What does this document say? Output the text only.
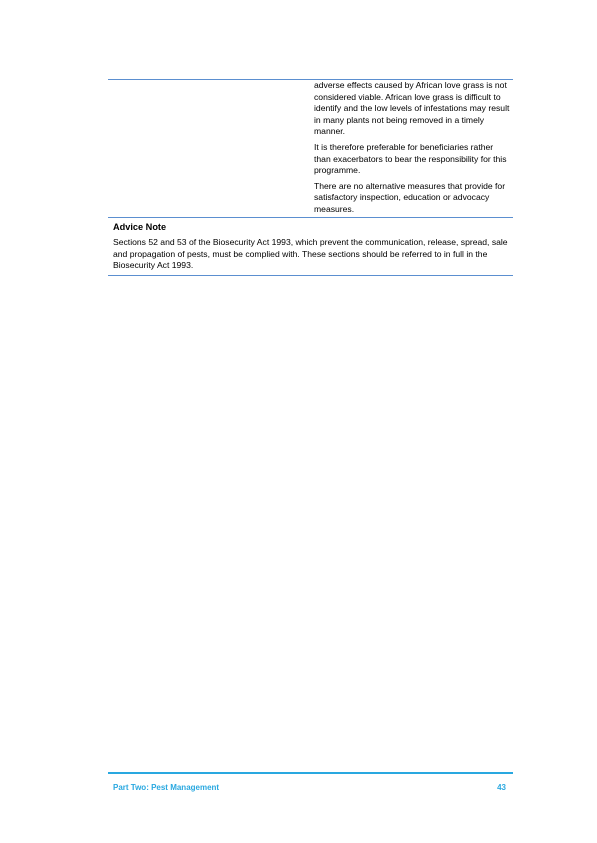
adverse effects caused by African love grass is not considered viable. African love grass is difficult to identify and the low levels of infestations may result in many plants not being removed in a timely manner.

It is therefore preferable for beneficiaries rather than exacerbators to bear the responsibility for this programme.

There are no alternative measures that provide for satisfactory inspection, education or advocacy measures.

Advice Note

Sections 52 and 53 of the Biosecurity Act 1993, which prevent the communication, release, spread, sale and propagation of pests, must be complied with. These sections should be referred to in full in the Biosecurity Act 1993.

Part Two: Pest Management	43
